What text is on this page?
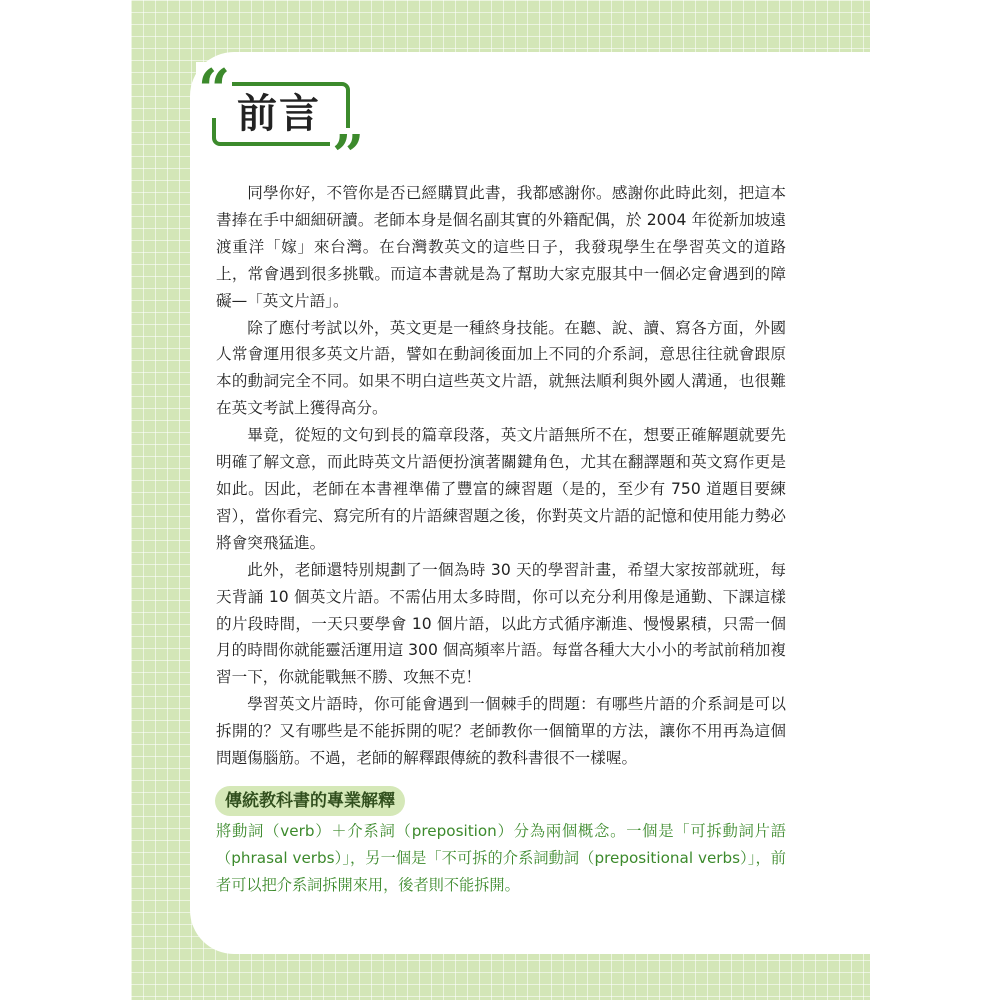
“
”
前言

同學你好，不管你是否已經購買此書，我都感謝你。感謝你此時此刻，把這本書捧在手中細細研讀。老師本身是個名副其實的外籍配偶，於 2004 年從新加坡遠渡重洋「嫁」來台灣。在台灣教英文的這些日子，我發現學生在學習英文的道路上，常會遇到很多挑戰。而這本書就是為了幫助大家克服其中一個必定會遇到的障礙—「英文片語」。

除了應付考試以外，英文更是一種終身技能。在聽、說、讀、寫各方面，外國人常會運用很多英文片語，譬如在動詞後面加上不同的介系詞，意思往往就會跟原本的動詞完全不同。如果不明白這些英文片語，就無法順利與外國人溝通，也很難在英文考試上獲得高分。

畢竟，從短的文句到長的篇章段落，英文片語無所不在，想要正確解題就要先明確了解文意，而此時英文片語便扮演著關鍵角色，尤其在翻譯題和英文寫作更是如此。因此，老師在本書裡準備了豐富的練習題（是的，至少有 750 道題目要練習），當你看完、寫完所有的片語練習題之後，你對英文片語的記憶和使用能力勢必將會突飛猛進。

此外，老師還特別規劃了一個為時 30 天的學習計畫，希望大家按部就班，每天背誦 10 個英文片語。不需佔用太多時間，你可以充分利用像是通勤、下課這樣的片段時間，一天只要學會 10 個片語，以此方式循序漸進、慢慢累積，只需一個月的時間你就能靈活運用這 300 個高頻率片語。每當各種大大小小的考試前稍加複習一下，你就能戰無不勝、攻無不克！

學習英文片語時，你可能會遇到一個棘手的問題：有哪些片語的介系詞是可以拆開的？又有哪些是不能拆開的呢？老師教你一個簡單的方法，讓你不用再為這個問題傷腦筋。不過，老師的解釋跟傳統的教科書很不一樣喔。

傳統教科書的專業解釋

將動詞（verb）＋介系詞（preposition）分為兩個概念。一個是「可拆動詞片語（phrasal verbs）」，另一個是「不可拆的介系詞動詞（prepositional verbs）」，前者可以把介系詞拆開來用，後者則不能拆開。
